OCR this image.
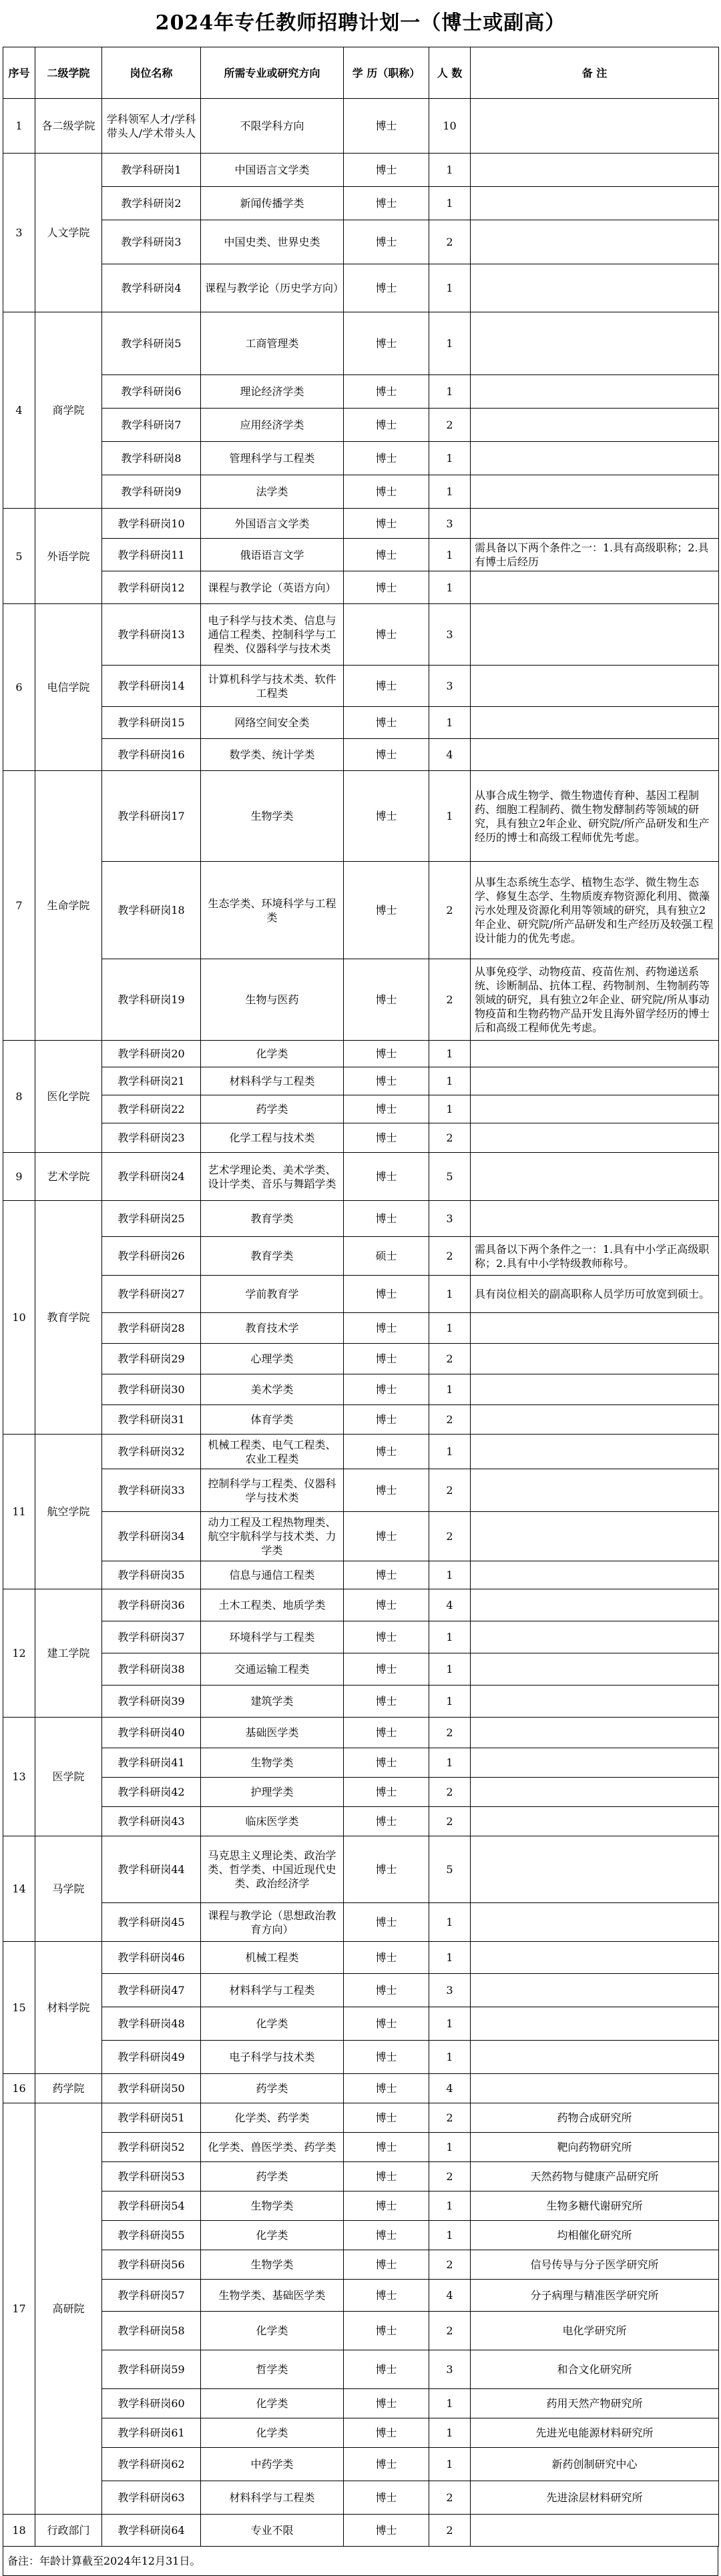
2024年专任教师招聘计划一（博士或副高）
序号	二级学院	岗位名称	所需专业或研究方向	学 历（职称）	人 数	备 注
1	各二级学院	学科领军人才/学科带头人/学术带头人	不限学科方向	博士	10	
3	人文学院	教学科研岗1	中国语言文学类	博士	1	
		教学科研岗2	新闻传播学类	博士	1	
		教学科研岗3	中国史类、世界史类	博士	2	
		教学科研岗4	课程与教学论（历史学方向）	博士	1	
4	商学院	教学科研岗5	工商管理类	博士	1	
		教学科研岗6	理论经济学类	博士	1	
		教学科研岗7	应用经济学类	博士	2	
		教学科研岗8	管理科学与工程类	博士	1	
		教学科研岗9	法学类	博士	1	
5	外语学院	教学科研岗10	外国语言文学类	博士	3	
		教学科研岗11	俄语语言文学	博士	1	需具备以下两个条件之一：1.具有高级职称；2.具有博士后经历
		教学科研岗12	课程与教学论（英语方向）	博士	1	
6	电信学院	教学科研岗13	电子科学与技术类、信息与通信工程类、控制科学与工程类、仪器科学与技术类	博士	3	
		教学科研岗14	计算机科学与技术类、软件工程类	博士	3	
		教学科研岗15	网络空间安全类	博士	1	
		教学科研岗16	数学类、统计学类	博士	4	
7	生命学院	教学科研岗17	生物学类	博士	1	从事合成生物学、微生物遗传育种、基因工程制药、细胞工程制药、微生物发酵制药等领域的研究，具有独立2年企业、研究院/所产品研发和生产经历的博士和高级工程师优先考虑。
		教学科研岗18	生态学类、环境科学与工程类	博士	2	从事生态系统生态学、植物生态学、微生物生态学、修复生态学、生物质废弃物资源化利用、微藻污水处理及资源化利用等领域的研究，具有独立2年企业、研究院/所产品研发和生产经历及较强工程设计能力的优先考虑。
		教学科研岗19	生物与医药	博士	2	从事免疫学、动物疫苗、疫苗佐剂、药物递送系统、诊断制品、抗体工程、药物制剂、生物制药等领域的研究，具有独立2年企业、研究院/所从事动物疫苗和生物药物产品开发且海外留学经历的博士后和高级工程师优先考虑。
8	医化学院	教学科研岗20	化学类	博士	1	
		教学科研岗21	材料科学与工程类	博士	1	
		教学科研岗22	药学类	博士	1	
		教学科研岗23	化学工程与技术类	博士	2	
9	艺术学院	教学科研岗24	艺术学理论类、美术学类、设计学类、音乐与舞蹈学类	博士	5	
10	教育学院	教学科研岗25	教育学类	博士	3	
		教学科研岗26	教育学类	硕士	2	需具备以下两个条件之一：1.具有中小学正高级职称；2.具有中小学特级教师称号。
		教学科研岗27	学前教育学	博士	1	具有岗位相关的副高职称人员学历可放宽到硕士。
		教学科研岗28	教育技术学	博士	1	
		教学科研岗29	心理学类	博士	2	
		教学科研岗30	美术学类	博士	1	
		教学科研岗31	体育学类	博士	2	
11	航空学院	教学科研岗32	机械工程类、电气工程类、农业工程类	博士	1	
		教学科研岗33	控制科学与工程类、仪器科学与技术类	博士	2	
		教学科研岗34	动力工程及工程热物理类、航空宇航科学与技术类、力学类	博士	2	
		教学科研岗35	信息与通信工程类	博士	1	
12	建工学院	教学科研岗36	土木工程类、地质学类	博士	4	
		教学科研岗37	环境科学与工程类	博士	1	
		教学科研岗38	交通运输工程类	博士	1	
		教学科研岗39	建筑学类	博士	1	
13	医学院	教学科研岗40	基础医学类	博士	2	
		教学科研岗41	生物学类	博士	1	
		教学科研岗42	护理学类	博士	2	
		教学科研岗43	临床医学类	博士	2	
14	马学院	教学科研岗44	马克思主义理论类、政治学类、哲学类、中国近现代史类、政治经济学	博士	5	
		教学科研岗45	课程与教学论（思想政治教育方向）	博士	1	
15	材料学院	教学科研岗46	机械工程类	博士	1	
		教学科研岗47	材料科学与工程类	博士	3	
		教学科研岗48	化学类	博士	1	
		教学科研岗49	电子科学与技术类	博士	1	
16	药学院	教学科研岗50	药学类	博士	4	
17	高研院	教学科研岗51	化学类、药学类	博士	2	药物合成研究所
		教学科研岗52	化学类、兽医学类、药学类	博士	1	靶向药物研究所
		教学科研岗53	药学类	博士	2	天然药物与健康产品研究所
		教学科研岗54	生物学类	博士	1	生物多糖代谢研究所
		教学科研岗55	化学类	博士	1	均相催化研究所
		教学科研岗56	生物学类	博士	2	信号传导与分子医学研究所
		教学科研岗57	生物学类、基础医学类	博士	4	分子病理与精准医学研究所
		教学科研岗58	化学类	博士	2	电化学研究所
		教学科研岗59	哲学类	博士	3	和合文化研究所
		教学科研岗60	化学类	博士	1	药用天然产物研究所
		教学科研岗61	化学类	博士	1	先进光电能源材料研究所
		教学科研岗62	中药学类	博士	1	新药创制研究中心
		教学科研岗63	材料科学与工程类	博士	2	先进涂层材料研究所
18	行政部门	教学科研岗64	专业不限	博士	2	
备注：年龄计算截至2024年12月31日。
